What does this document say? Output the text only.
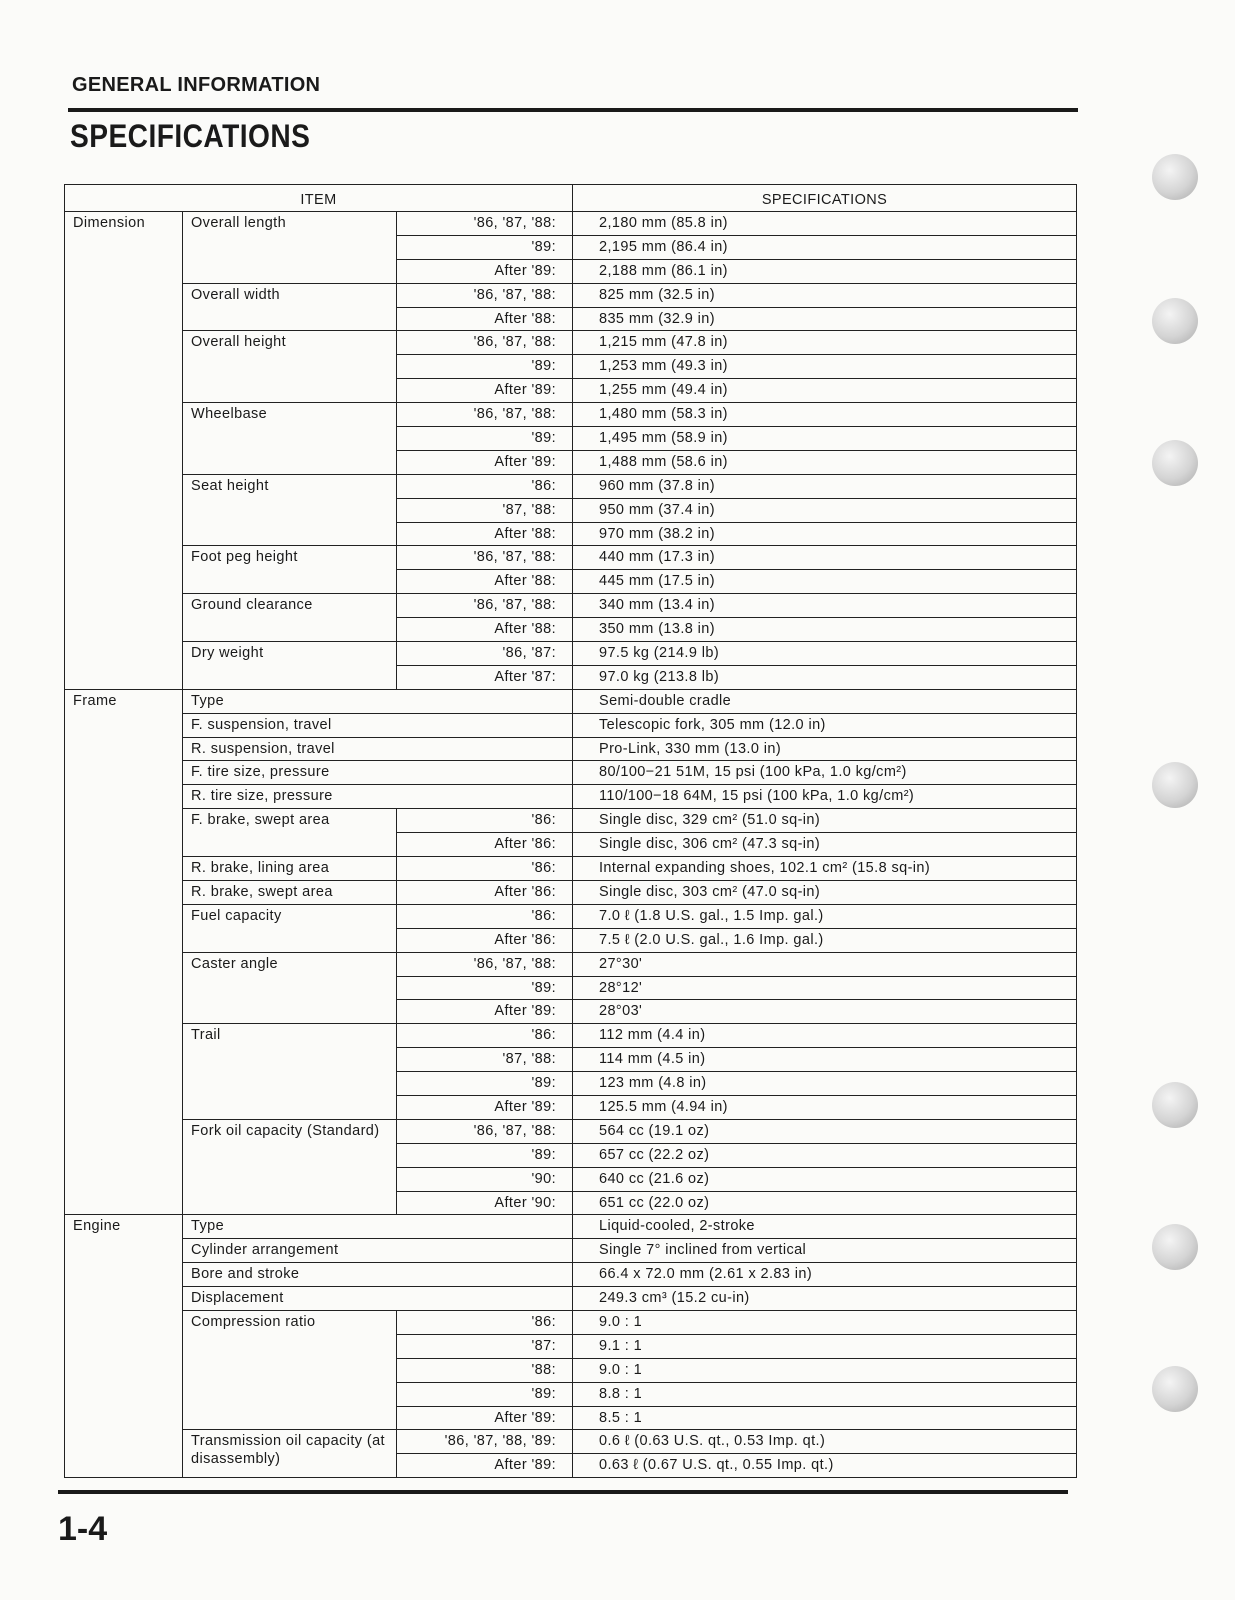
GENERAL INFORMATION
SPECIFICATIONS
ITEM			SPECIFICATIONS
Dimension	Overall length	'86, '87, '88:	2,180 mm (85.8 in)
		'89:	2,195 mm (86.4 in)
		After '89:	2,188 mm (86.1 in)
	Overall width	'86, '87, '88:	825 mm (32.5 in)
		After '88:	835 mm (32.9 in)
	Overall height	'86, '87, '88:	1,215 mm (47.8 in)
		'89:	1,253 mm (49.3 in)
		After '89:	1,255 mm (49.4 in)
	Wheelbase	'86, '87, '88:	1,480 mm (58.3 in)
		'89:	1,495 mm (58.9 in)
		After '89:	1,488 mm (58.6 in)
	Seat height	'86:	960 mm (37.8 in)
		'87, '88:	950 mm (37.4 in)
		After '88:	970 mm (38.2 in)
	Foot peg height	'86, '87, '88:	440 mm (17.3 in)
		After '88:	445 mm (17.5 in)
	Ground clearance	'86, '87, '88:	340 mm (13.4 in)
		After '88:	350 mm (13.8 in)
	Dry weight	'86, '87:	97.5 kg (214.9 lb)
		After '87:	97.0 kg (213.8 lb)
Frame	Type		Semi-double cradle
	F. suspension, travel		Telescopic fork, 305 mm (12.0 in)
	R. suspension, travel		Pro-Link, 330 mm (13.0 in)
	F. tire size, pressure		80/100−21 51M, 15 psi (100 kPa, 1.0 kg/cm²)
	R. tire size, pressure		110/100−18 64M, 15 psi (100 kPa, 1.0 kg/cm²)
	F. brake, swept area	'86:	Single disc, 329 cm² (51.0 sq-in)
		After '86:	Single disc, 306 cm² (47.3 sq-in)
	R. brake, lining area	'86:	Internal expanding shoes, 102.1 cm² (15.8 sq-in)
	R. brake, swept area	After '86:	Single disc, 303 cm² (47.0 sq-in)
	Fuel capacity	'86:	7.0 ℓ (1.8 U.S. gal., 1.5 Imp. gal.)
		After '86:	7.5 ℓ (2.0 U.S. gal., 1.6 Imp. gal.)
	Caster angle	'86, '87, '88:	27°30'
		'89:	28°12'
		After '89:	28°03'
	Trail	'86:	112 mm (4.4 in)
		'87, '88:	114 mm (4.5 in)
		'89:	123 mm (4.8 in)
		After '89:	125.5 mm (4.94 in)
	Fork oil capacity (Standard)	'86, '87, '88:	564 cc (19.1 oz)
		'89:	657 cc (22.2 oz)
		'90:	640 cc (21.6 oz)
		After '90:	651 cc (22.0 oz)
Engine	Type		Liquid-cooled, 2-stroke
	Cylinder arrangement		Single 7° inclined from vertical
	Bore and stroke		66.4 x 72.0 mm (2.61 x 2.83 in)
	Displacement		249.3 cm³ (15.2 cu-in)
	Compression ratio	'86:	9.0 : 1
		'87:	9.1 : 1
		'88:	9.0 : 1
		'89:	8.8 : 1
		After '89:	8.5 : 1
	Transmission oil capacity (at disassembly)	'86, '87, '88, '89:	0.6 ℓ (0.63 U.S. qt., 0.53 Imp. qt.)
		After '89:	0.63 ℓ (0.67 U.S. qt., 0.55 Imp. qt.)
1-4
